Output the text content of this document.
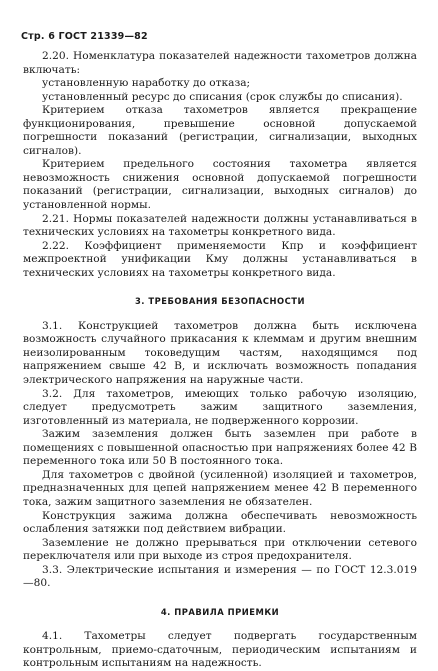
Стр. 6 ГОСТ 21339—82

2.20. Номенклатура показателей надежности тахометров должна включать:

установленную наработку до отказа;

установленный ресурс до списания (срок службы до списания).

Критерием отказа тахометров является прекращение функционирования, превышение основной допускаемой погрешности показаний (регистрации, сигнализации, выходных сигналов).

Критерием предельного состояния тахометра является невозможность снижения основной допускаемой погрешности показаний (регистрации, сигнализации, выходных сигналов) до установленной нормы.

2.21. Нормы показателей надежности должны устанавливаться в технических условиях на тахометры конкретного вида.

2.22. Коэффициент применяемости Кпр и коэффициент межпроектной унификации Кму должны устанавливаться в технических условиях на тахометры конкретного вида.

3. ТРЕБОВАНИЯ БЕЗОПАСНОСТИ

3.1. Конструкцией тахометров должна быть исключена возможность случайного прикасания к клеммам и другим внешним неизолированным токоведущим частям, находящимся под напряжением свыше 42 В, и исключать возможность попадания электрического напряжения на наружные части.

3.2. Для тахометров, имеющих только рабочую изоляцию, следует предусмотреть зажим защитного заземления, изготовленный из материала, не подверженного коррозии.

Зажим заземления должен быть заземлен при работе в помещениях с повышенной опасностью при напряжениях более 42 В переменного тока или 50 В постоянного тока.

Для тахометров с двойной (усиленной) изоляцией и тахометров, предназначенных для цепей напряжением менее 42 В переменного тока, зажим защитного заземления не обязателен.

Конструкция зажима должна обеспечивать невозможность ослабления затяжки под действием вибрации.

Заземление не должно прерываться при отключении сетевого переключателя или при выходе из строя предохранителя.

3.3. Электрические испытания и измерения — по ГОСТ 12.3.019—80.

4. ПРАВИЛА ПРИЕМКИ

4.1. Тахометры следует подвергать государственным контрольным, приемо-сдаточным, периодическим испытаниям и контрольным испытаниям на надежность.
